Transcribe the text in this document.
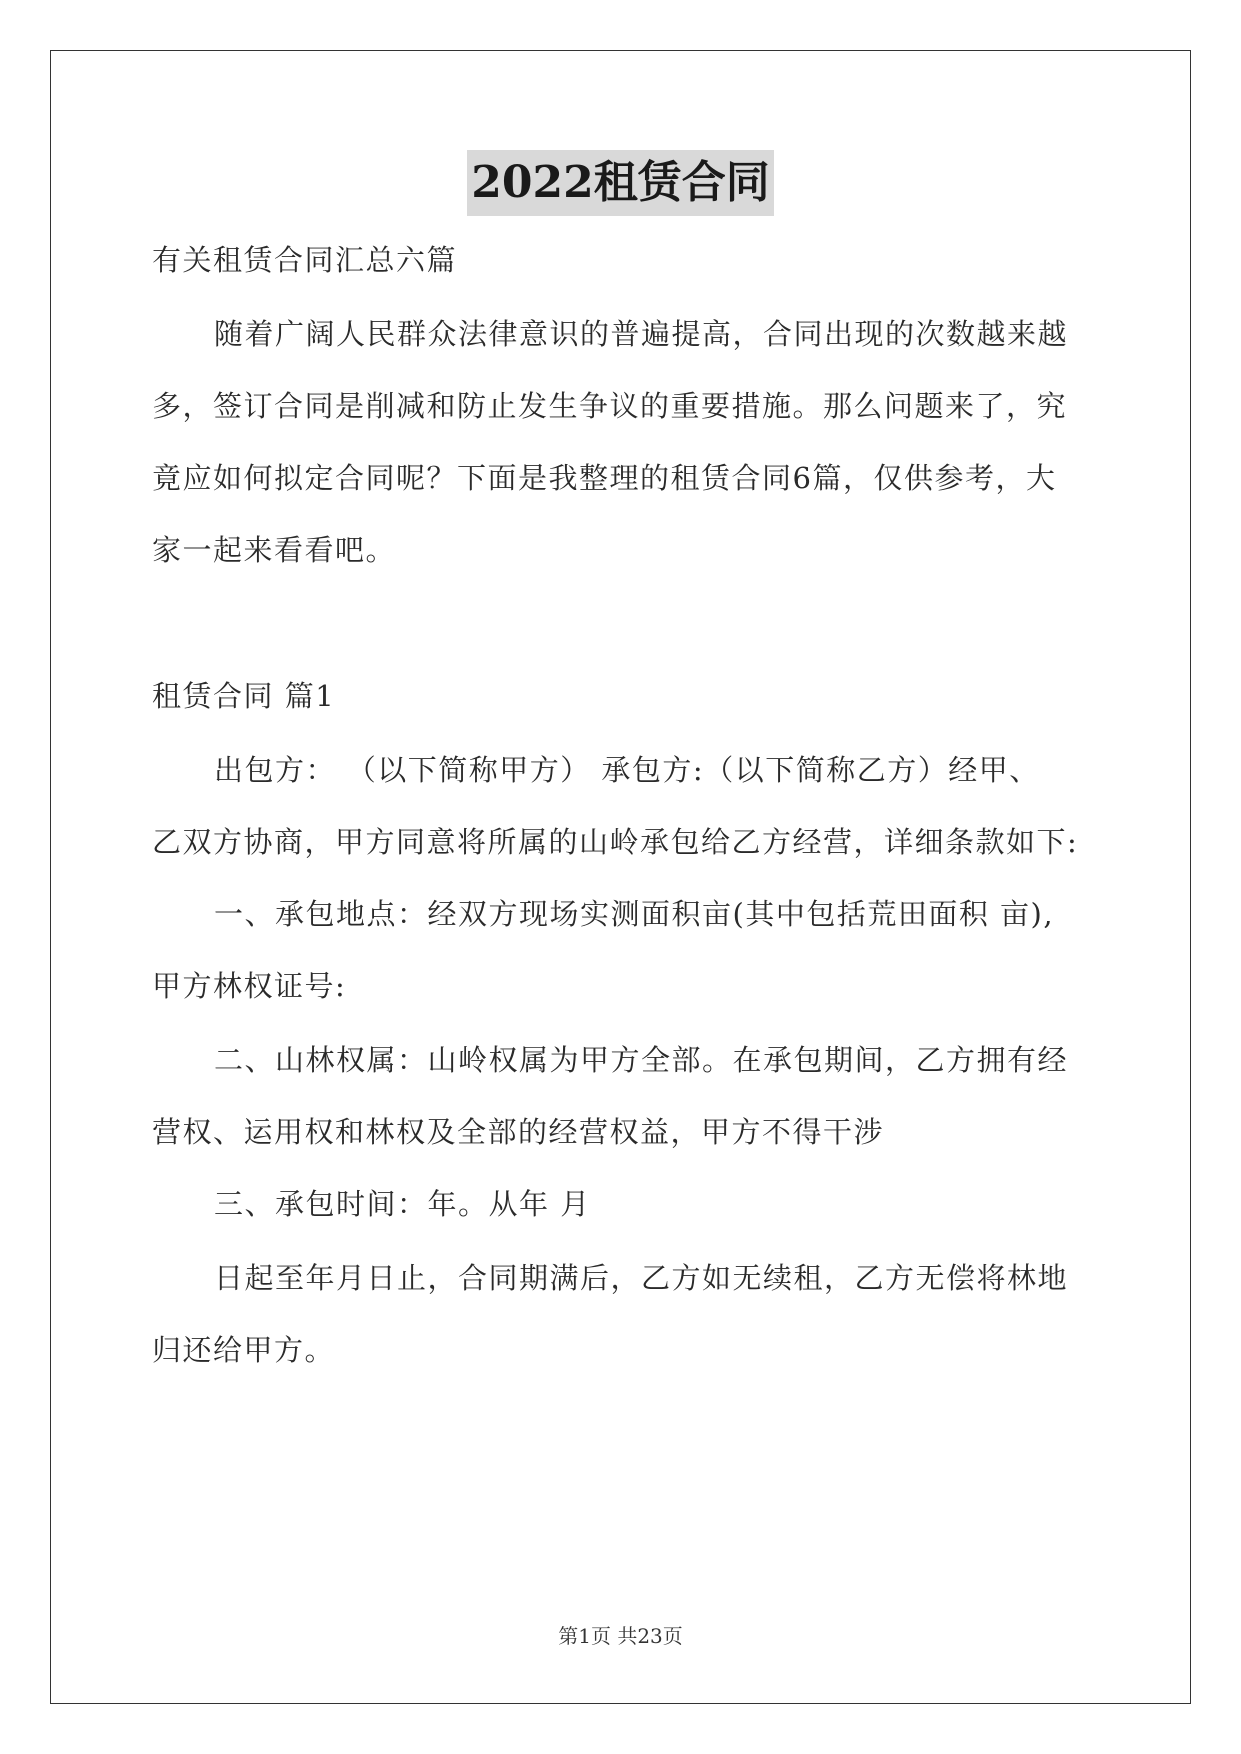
2022租赁合同
有关租赁合同汇总六篇
随着广阔人民群众法律意识的普遍提高，合同出现的次数越来越
多，签订合同是削减和防止发生争议的重要措施。那么问题来了，究
竟应如何拟定合同呢？下面是我整理的租赁合同6篇，仅供参考，大
家一起来看看吧。
租赁合同 篇1
出包方： （以下简称甲方） 承包方:（以下简称乙方）经甲、
乙双方协商，甲方同意将所属的山岭承包给乙方经营，详细条款如下:
一、承包地点：经双方现场实测面积亩(其中包括荒田面积 亩),
甲方林权证号:
二、山林权属：山岭权属为甲方全部。在承包期间，乙方拥有经
营权、运用权和林权及全部的经营权益，甲方不得干涉
三、承包时间：年。从年 月
日起至年月日止，合同期满后，乙方如无续租，乙方无偿将林地
归还给甲方。
第1页 共23页
